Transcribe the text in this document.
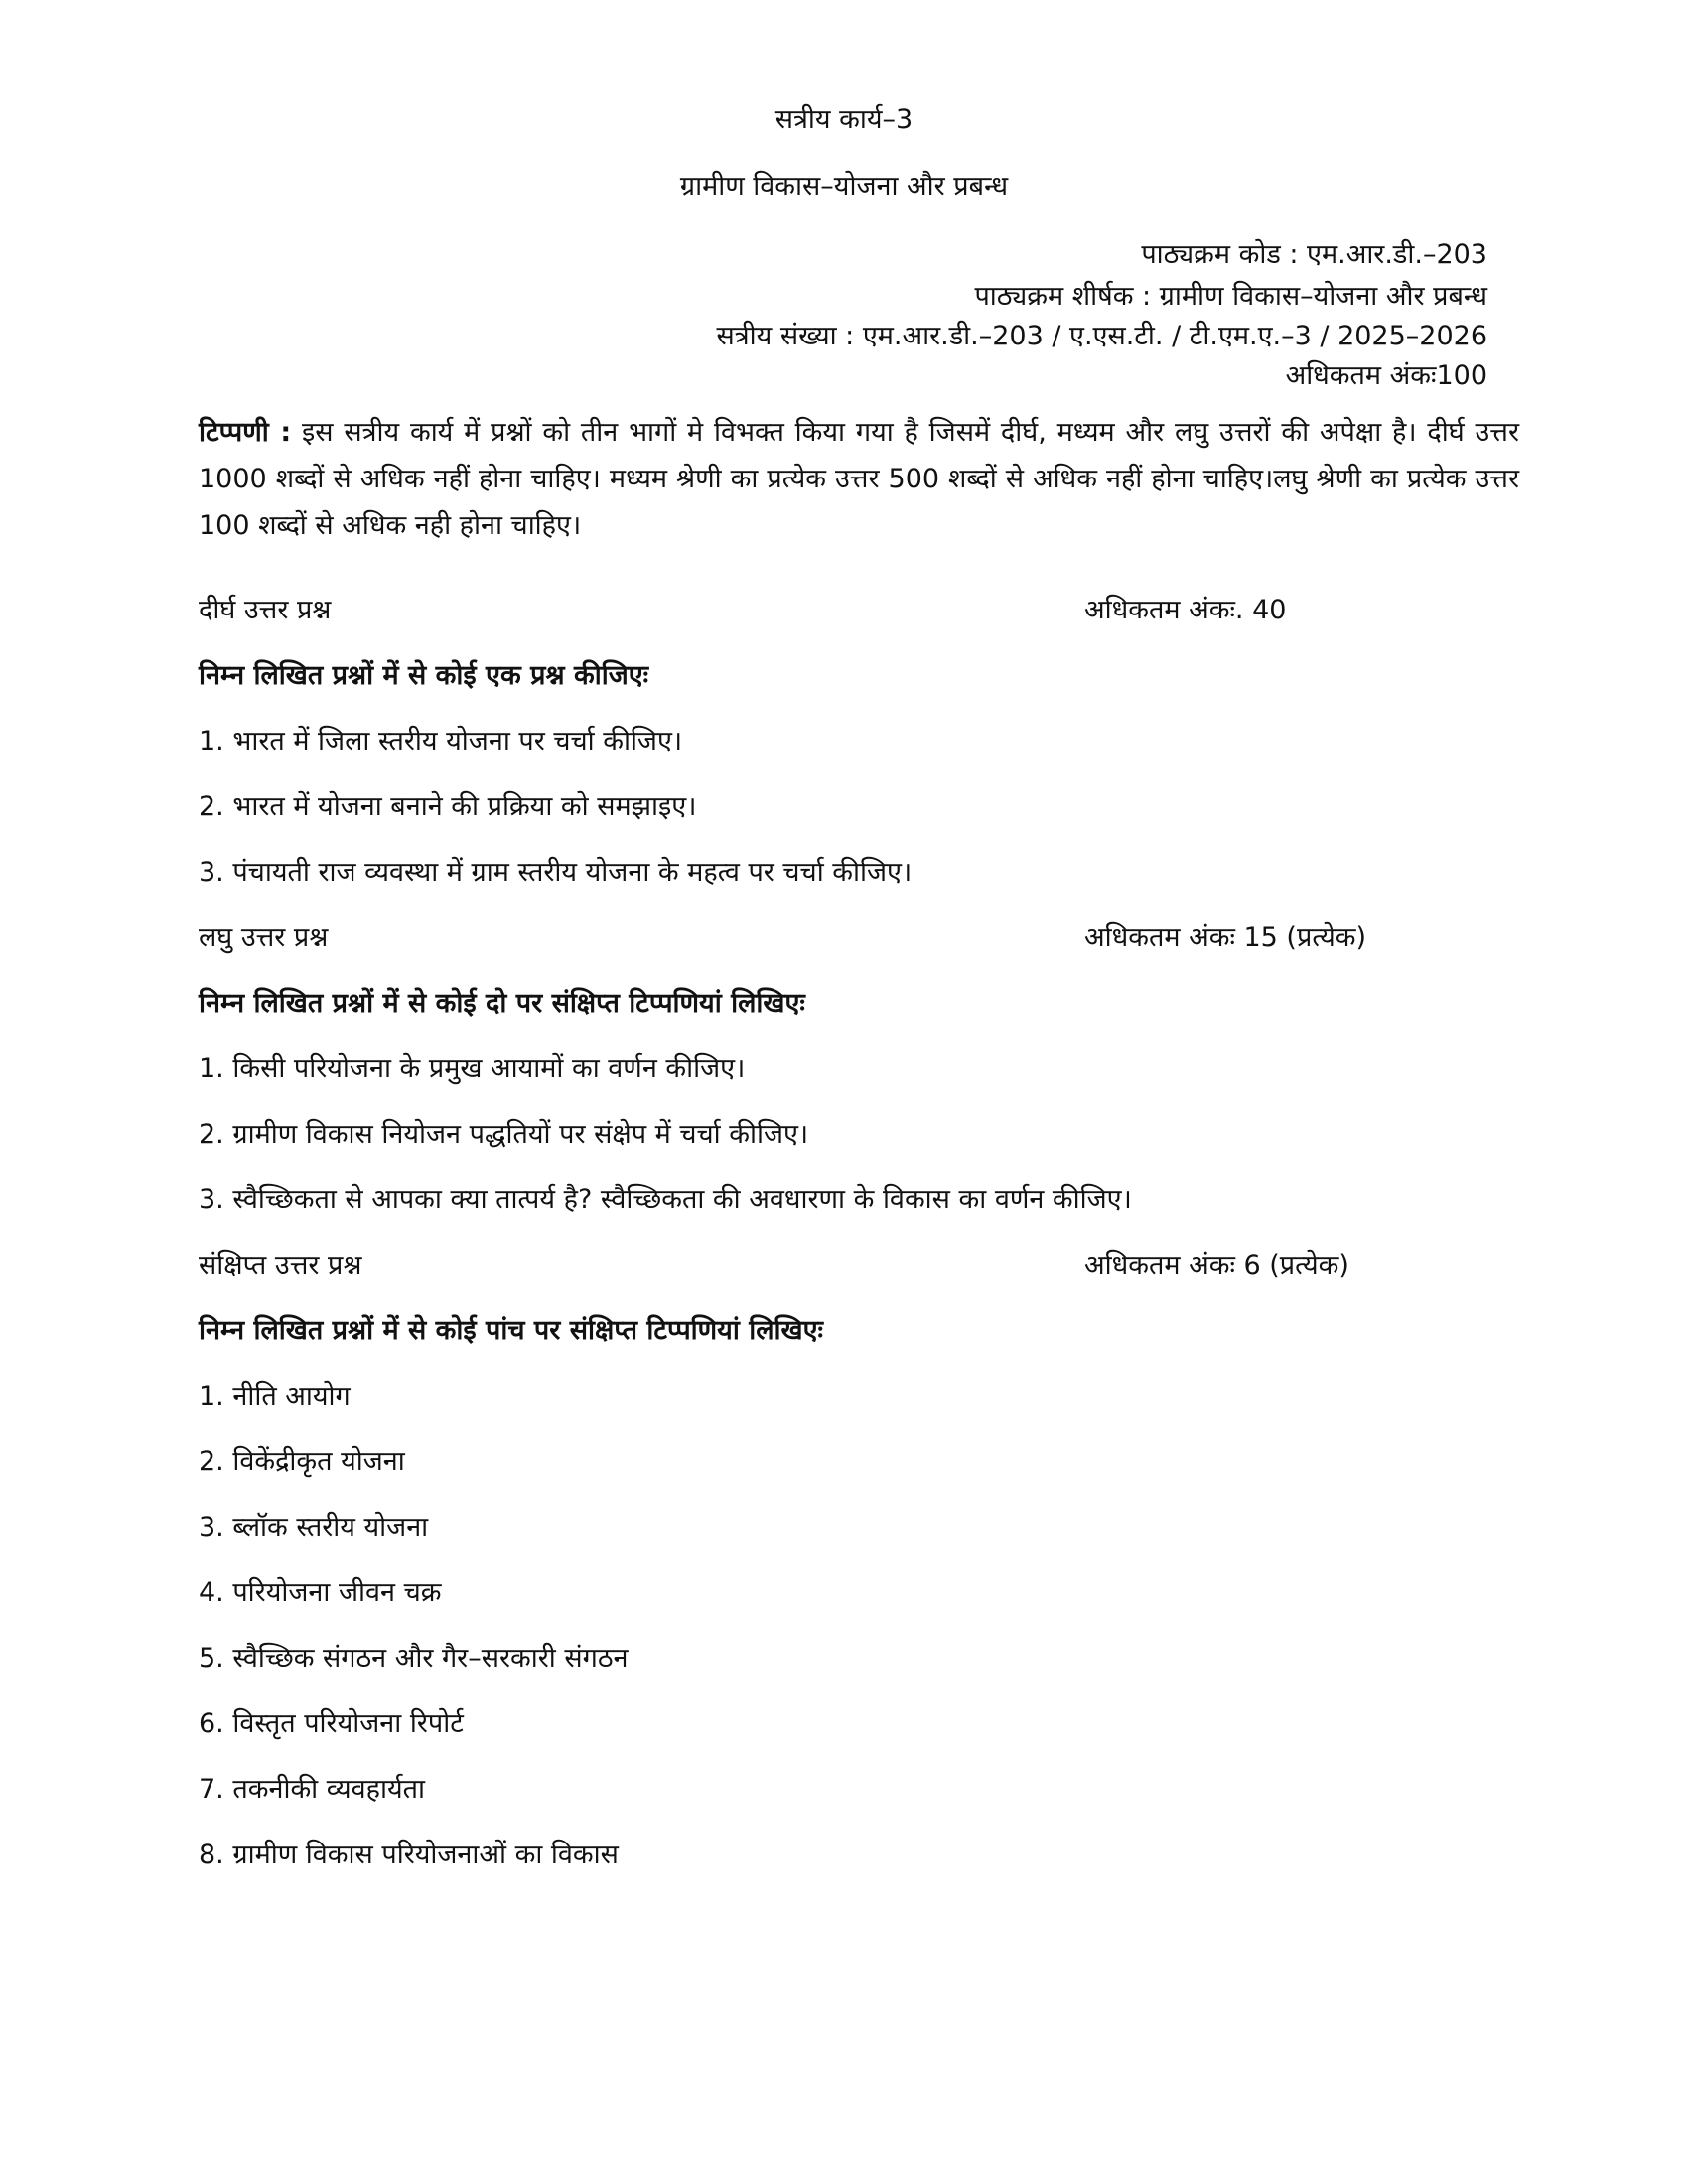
सत्रीय कार्य–3
ग्रामीण विकास–योजना और प्रबन्ध
पाठ्यक्रम कोड : एम.आर.डी.–203
पाठ्यक्रम शीर्षक : ग्रामीण विकास–योजना और प्रबन्ध
सत्रीय संख्या : एम.आर.डी.–203 / ए.एस.टी. / टी.एम.ए.–3 / 2025–2026
अधिकतम अंकः100
टिप्पणी : इस सत्रीय कार्य में प्रश्नों को तीन भागों मे विभक्त किया गया है जिसमें दीर्घ, मध्यम और लघु उत्तरों की अपेक्षा है। दीर्घ उत्तर 1000 शब्दों से अधिक नहीं होना चाहिए। मध्यम श्रेणी का प्रत्येक उत्तर 500 शब्दों से अधिक नहीं होना चाहिए।लघु श्रेणी का प्रत्येक उत्तर 100 शब्दों से अधिक नही होना चाहिए।
दीर्घ उत्तर प्रश्न	अधिकतम अंकः. 40
निम्न लिखित प्रश्नों में से कोई एक प्रश्न कीजिएः
1. भारत में जिला स्तरीय योजना पर चर्चा कीजिए।
2. भारत में योजना बनाने की प्रक्रिया को समझाइए।
3. पंचायती राज व्यवस्था में ग्राम स्तरीय योजना के महत्व पर चर्चा कीजिए।
लघु उत्तर प्रश्न	अधिकतम अंकः 15 (प्रत्येक)
निम्न लिखित प्रश्नों में से कोई दो पर संक्षिप्त टिप्पणियां लिखिएः
1. किसी परियोजना के प्रमुख आयामों का वर्णन कीजिए।
2. ग्रामीण विकास नियोजन पद्धतियों पर संक्षेप में चर्चा कीजिए।
3. स्वैच्छिकता से आपका क्या तात्पर्य है? स्वैच्छिकता की अवधारणा के विकास का वर्णन कीजिए।
संक्षिप्त उत्तर प्रश्न	अधिकतम अंकः 6 (प्रत्येक)
निम्न लिखित प्रश्नों में से कोई पांच पर संक्षिप्त टिप्पणियां लिखिएः
1. नीति आयोग
2. विकेंद्रीकृत योजना
3. ब्लॉक स्तरीय योजना
4. परियोजना जीवन चक्र
5. स्वैच्छिक संगठन और गैर–सरकारी संगठन
6. विस्तृत परियोजना रिपोर्ट
7. तकनीकी व्यवहार्यता
8. ग्रामीण विकास परियोजनाओं का विकास
